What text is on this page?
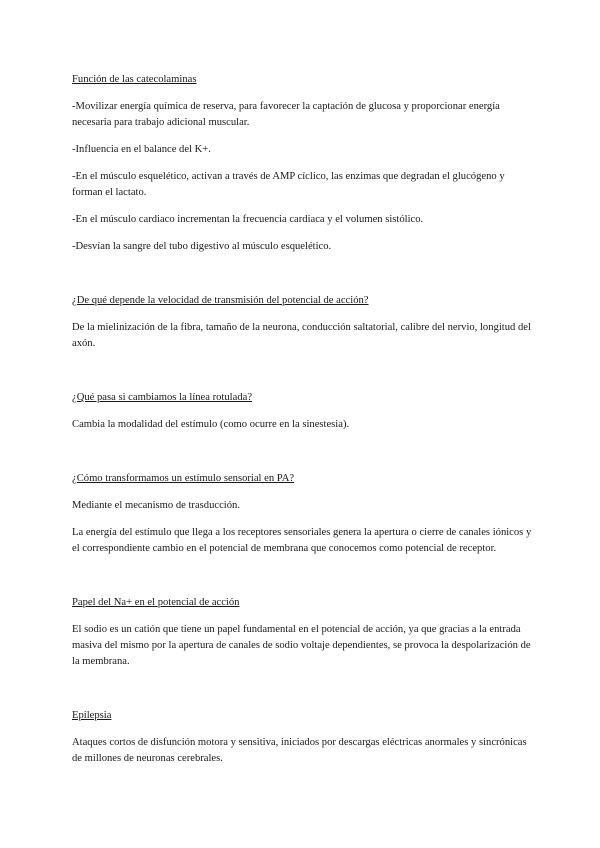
Función de las catecolaminas

-Movilizar energía química de reserva, para favorecer la captación de glucosa y proporcionar energía necesaria para trabajo adicional muscular.

-Influencia en el balance del K+.

-En el músculo esquelético, activan a través de AMP cíclico, las enzimas que degradan el glucógeno y forman el lactato.

-En el músculo cardiaco incrementan la frecuencia cardiaca y el volumen sistólico.

-Desvían la sangre del tubo digestivo al músculo esquelético.

¿De qué depende la velocidad de transmisión del potencial de acción?

De la mielinización de la fibra, tamaño de la neurona, conducción saltatorial, calibre del nervio, longitud del axón.

¿Qué pasa si cambiamos la línea rotulada?

Cambia la modalidad del estímulo (como ocurre en la sinestesia).

¿Cómo transformamos un estímulo sensorial en PA?

Mediante el mecanismo de trasducción.

La energía del estímulo que llega a los receptores sensoriales genera la apertura o cierre de canales iónicos y el correspondiente cambio en el potencial de membrana que conocemos como potencial de receptor.

Papel del Na+ en el potencial de acción

El sodio es un catión que tiene un papel fundamental en el potencial de acción, ya que gracias a la entrada masiva del mismo por la apertura de canales de sodio voltaje dependientes, se provoca la despolarización de la membrana.

Epilepsia

Ataques cortos de disfunción motora y sensitiva, iniciados por descargas eléctricas anormales y sincrónicas de millones de neuronas cerebrales.
